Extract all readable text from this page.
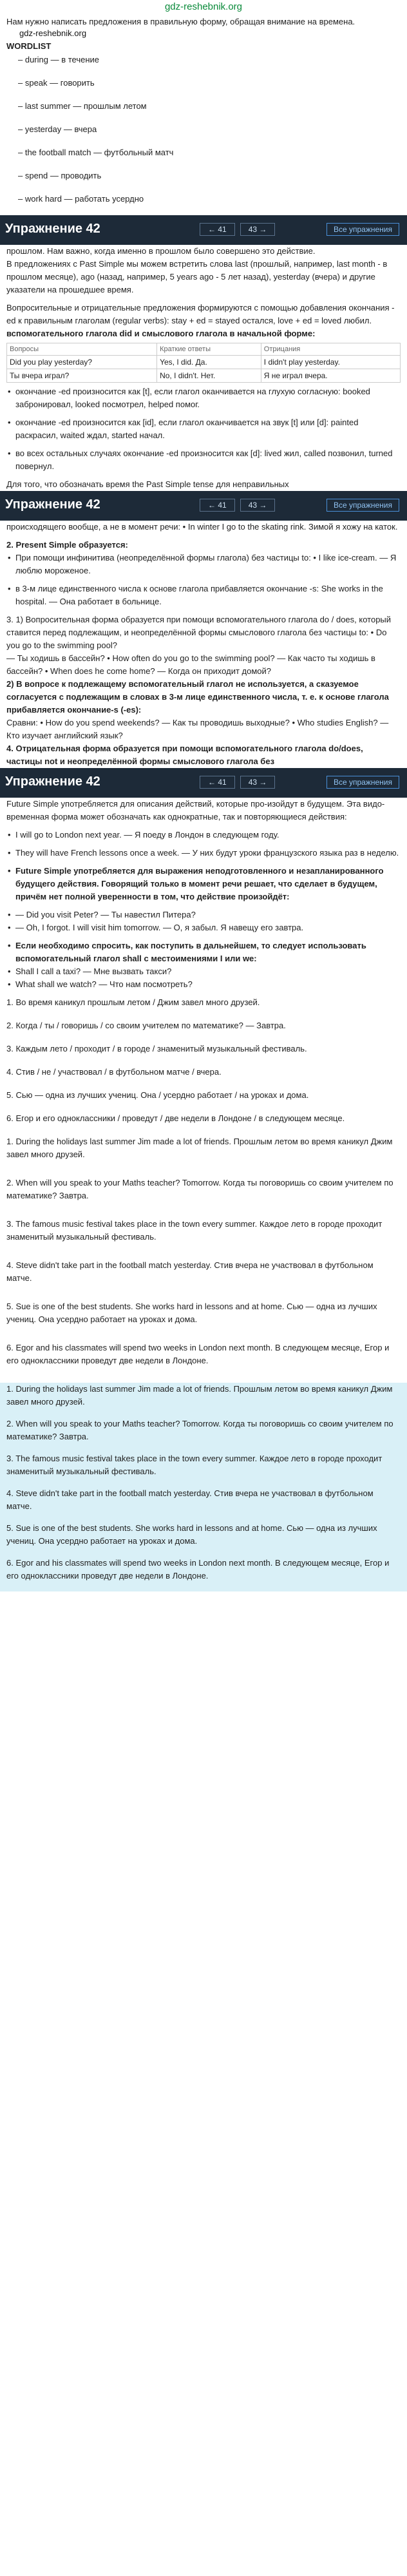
gdz-reshebnik.org

Нам нужно написать предложения в правильную форму, обращая внимание на времена.

gdz-reshebnik.org

WORDLIST

– during — в течение
– speak — говорить
– last summer — прошлым летом
– yesterday — вчера
– the football match — футбольный матч
– spend — проводить
– work hard — работать усердно
Упражнение 42	← 41	43 →	Все упражнения

прошлом. Нам важно, когда именно в прошлом было совершено это действие.

В предложениях с Past Simple мы можем встретить слова last (прошлый, например, last month - в прошлом месяце), ago (назад, например, 5 years ago - 5 лет назад), yesterday (вчера) и другие указатели на прошедшее время.

Вопросительные и отрицательные предложения формируются с помощью добавления окончания -ed к правильным глаголам (regular verbs): stay + ed = stayed остался, love + ed = loved любил.

вспомогательного глагола did и смыслового глагола в начальной форме:

Вопросы	Краткие ответы	Отрицания
Did you play yesterday?	Yes, I did. Да.	I didn't play yesterday.
Ты вчера играл?	No, I didn't. Нет.	Я не играл вчера.

• окончание -ed произносится как [t], если глагол оканчивается на глухую согласную: booked забронировал, looked посмотрел, helped помог.

• окончание -ed произносится как [id], если глагол оканчивается на звук [t] или [d]: painted раскрасил, waited ждал, started начал.

• во всех остальных случаях окончание -ed произносится как [d]: lived жил, called позвонил, turned повернул.

Для того, что обозначать время the Past Simple tense для неправильных

Упражнение 42	← 41	43 →	Все упражнения

происходящего вообще, а не в момент речи: • In winter I go to the skating rink. Зимой я хожу на каток.

2. Present Simple образуется:

• При помощи инфинитива (неопределённой формы глагола) без частицы to: • I like ice-cream. — Я люблю мороженое.

• в 3-м лице единственного числа к основе глагола прибавляется окончание -s: She works in the hospital. — Она работает в больнице.

3. 1) Вопросительная форма образуется при помощи вспомогательного глагола do / does, который ставится перед подлежащим, и неопределённой формы смыслового глагола без частицы to: • Do you go to the swimming pool?

— Ты ходишь в бассейн? • How often do you go to the swimming pool? — Как часто ты ходишь в бассейн? • When does he come home? — Когда он приходит домой?

2) В вопросе к подлежащему вспомогательный глагол не используется, а сказуемое согласуется с подлежащим в словах в 3-м лице единственного числа, т. е. к основе глагола прибавляется окончание-s (-es):

Сравни: • How do you spend weekends? — Как ты проводишь выходные? • Who studies English? — Кто изучает английский язык?

4. Отрицательная форма образуется при помощи вспомогательного глагола do/does, частицы not и неопределённой формы смыслового глагола без

Упражнение 42	← 41	43 →	Все упражнения

Future Simple употребляется для описания действий, которые про-изойдут в будущем. Эта видо-временная форма может обозначать как однократные, так и повторяющиеся действия:

• I will go to London next year. — Я поеду в Лондон в следующем году.

• They will have French lessons once a week. — У них будут уроки французского языка раз в неделю.

• Future Simple употребляется для выражения неподготовленного и незапланированного будущего действия. Говорящий только в момент речи решает, что сделает в будущем, причём нет полной уверенности в том, что действие произойдёт:

• — Did you visit Peter? — Ты навестил Питера?

• — Oh, I forgot. I will visit him tomorrow. — О, я забыл. Я навещу его завтра.

• Если необходимо спросить, как поступить в дальнейшем, то следует использовать вспомогательный глагол shall с местоимениями I или we:

• Shall I call a taxi? — Мне вызвать такси?

• What shall we watch? — Что нам посмотреть?

1. Во время каникул прошлым летом / Джим завел много друзей.

2. Когда / ты / говоришь / со своим учителем по математике? — Завтра.

3. Каждым лето / проходит / в городе / знаменитый музыкальный фестиваль.

4. Стив / не / участвовал / в футбольном матче / вчера.

5. Сью — одна из лучших учениц. Она / усердно работает / на уроках и дома.

6. Егор и его одноклассники / проведут / две недели в Лондоне / в следующем месяце.

1. During the holidays last summer Jim made a lot of friends. Прошлым летом во время каникул Джим завел много друзей.

2. When will you speak to your Maths teacher? Tomorrow. Когда ты поговоришь со своим учителем по математике? Завтра.

3. The famous music festival takes place in the town every summer. Каждое лето в городе проходит знаменитый музыкальный фестиваль.

4. Steve didn't take part in the football match yesterday. Стив вчера не участвовал в футбольном матче.

5. Sue is one of the best students. She works hard in lessons and at home. Сью — одна из лучших учениц. Она усердно работает на уроках и дома.

6. Egor and his classmates will spend two weeks in London next month. В следующем месяце, Егор и его одноклассники проведут две недели в Лондоне.

1. During the holidays last summer Jim made a lot of friends. Прошлым летом во время каникул Джим завел много друзей.

2. When will you speak to your Maths teacher? Tomorrow. Когда ты поговоришь со своим учителем по математике? Завтра.

3. The famous music festival takes place in the town every summer. Каждое лето в городе проходит знаменитый музыкальный фестиваль.

4. Steve didn't take part in the football match yesterday. Стив вчера не участвовал в футбольном матче.

5. Sue is one of the best students. She works hard in lessons and at home. Сью — одна из лучших учениц. Она усердно работает на уроках и дома.

6. Egor and his classmates will spend two weeks in London next month. В следующем месяце, Егор и его одноклассники проведут две недели в Лондоне.
